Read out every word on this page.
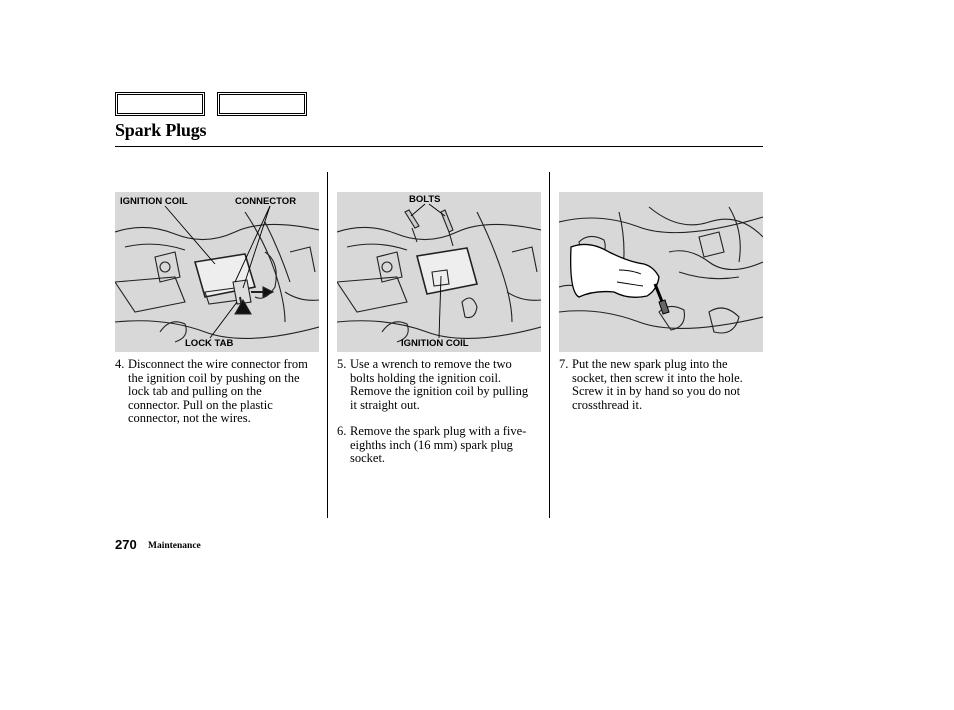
Spark Plugs
IGNITION COIL	CONNECTOR
LOCK TAB
BOLTS
IGNITION COIL
4. Disconnect the wire connector from the ignition coil by pushing on the lock tab and pulling on the connector. Pull on the plastic connector, not the wires.
5. Use a wrench to remove the two bolts holding the ignition coil. Remove the ignition coil by pulling it straight out.
6. Remove the spark plug with a five-eighths inch (16 mm) spark plug socket.
7. Put the new spark plug into the socket, then screw it into the hole. Screw it in by hand so you do not crossthread it.
270 Maintenance
